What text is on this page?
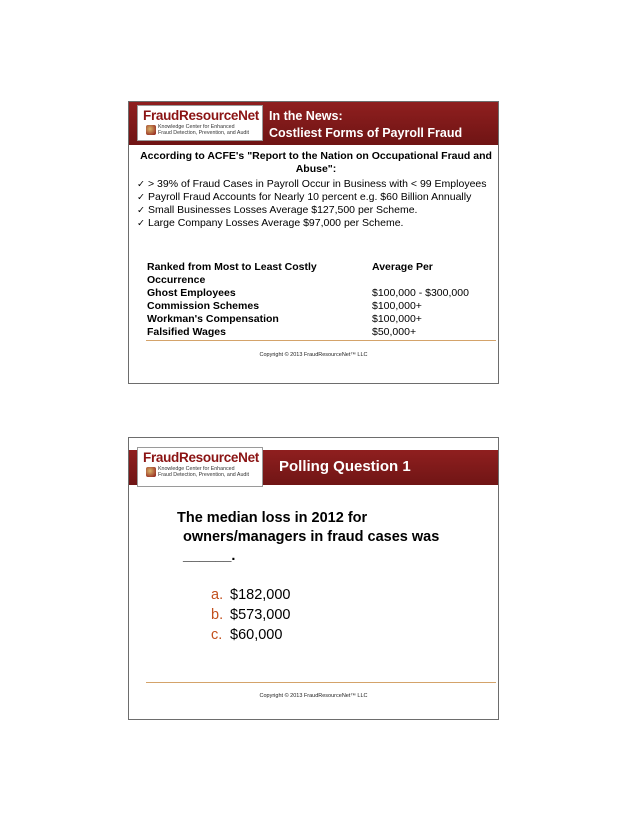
FraudResourceNet
Knowledge Center for Enhanced
Fraud Detection, Prevention, and Audit
In the News:
Costliest Forms of Payroll Fraud
According to ACFE's "Report to the Nation on Occupational Fraud and Abuse":
✓ > 39% of Fraud Cases in Payroll Occur in Business with < 99 Employees
✓ Payroll Fraud Accounts for Nearly 10 percent e.g. $60 Billion Annually
✓ Small Businesses Losses Average $127,500 per Scheme.
✓ Large Company Losses Average $97,000 per Scheme.
Ranked from Most to Least Costly	Average Per
Occurrence
Ghost Employees	$100,000 - $300,000
Commission Schemes	$100,000+
Workman's Compensation	$100,000+
Falsified Wages	$50,000+
Copyright © 2013 FraudResourceNet™ LLC
FraudResourceNet
Knowledge Center for Enhanced
Fraud Detection, Prevention, and Audit Polling Question 1
The median loss in 2012 for
owners/managers in fraud cases was
______.
a. $182,000
b. $573,000
c. $60,000
Copyright © 2013 FraudResourceNet™ LLC
